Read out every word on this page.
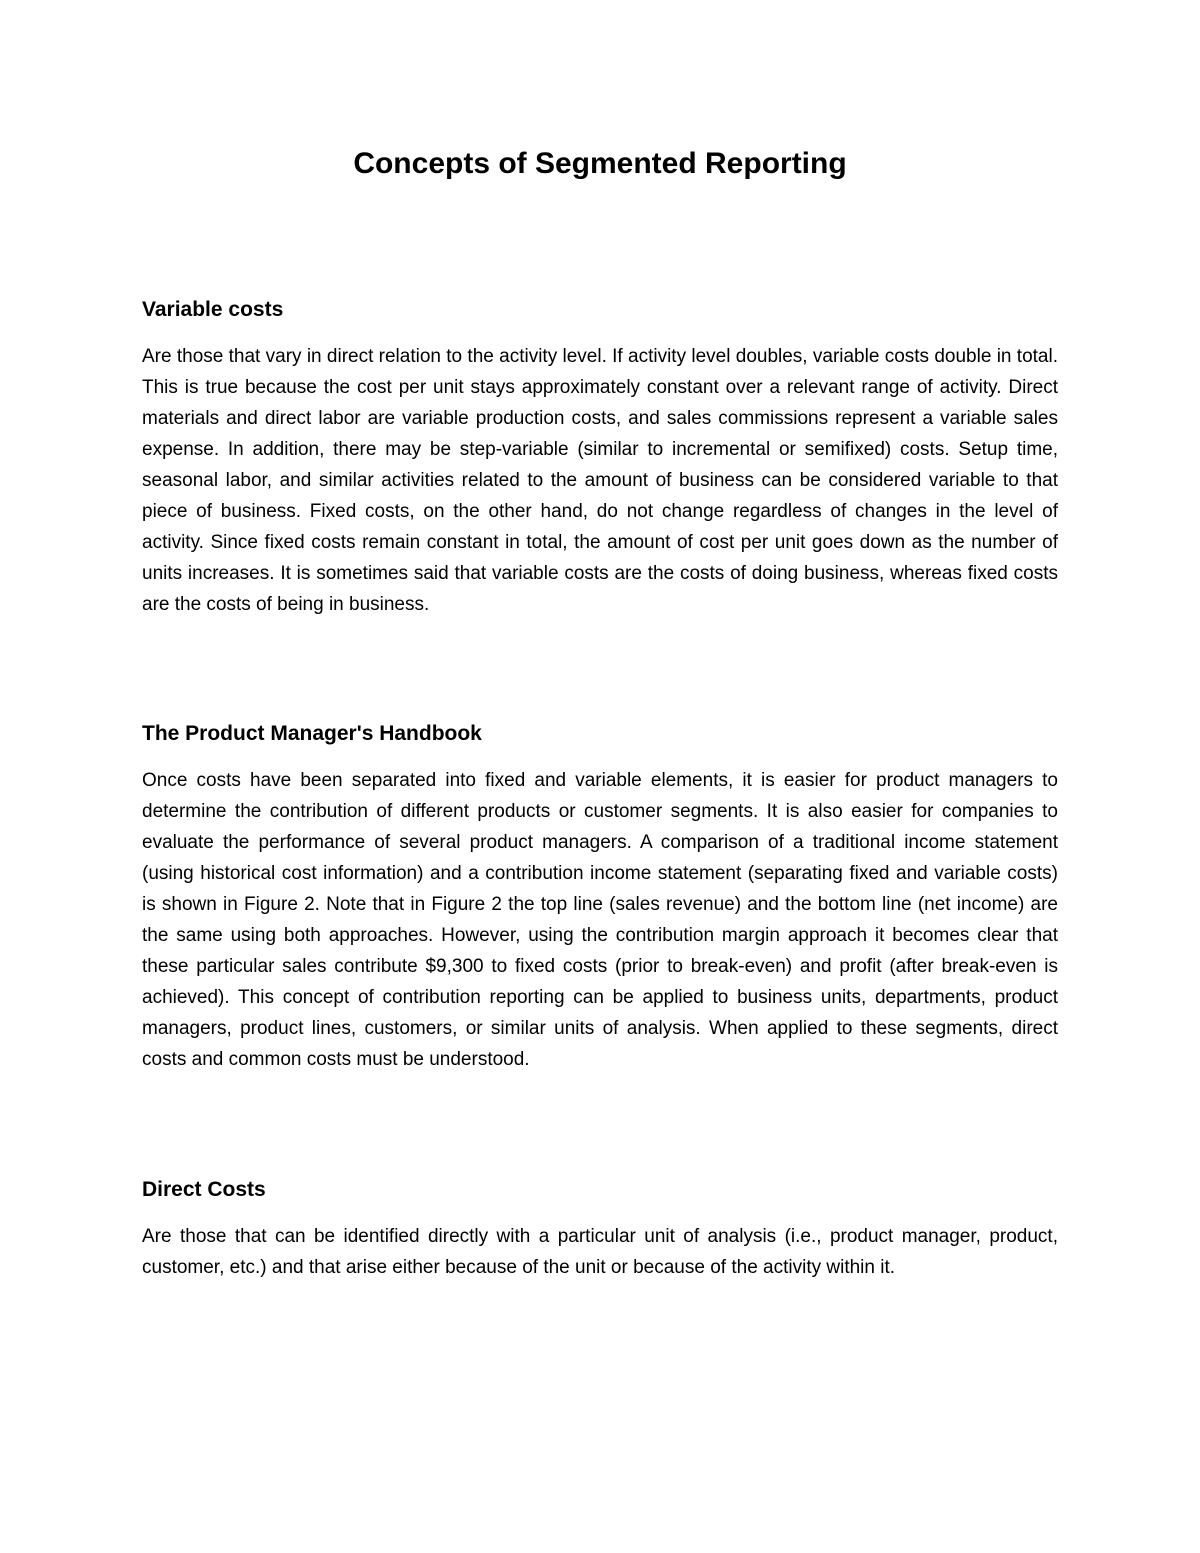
Concepts of Segmented Reporting
Variable costs

Are those that vary in direct relation to the activity level. If activity level doubles, variable costs double in total. This is true because the cost per unit stays approximately constant over a relevant range of activity. Direct materials and direct labor are variable production costs, and sales commissions represent a variable sales expense. In addition, there may be step-variable (similar to incremental or semifixed) costs. Setup time, seasonal labor, and similar activities related to the amount of business can be considered variable to that piece of business. Fixed costs, on the other hand, do not change regardless of changes in the level of activity. Since fixed costs remain constant in total, the amount of cost per unit goes down as the number of units increases. It is sometimes said that variable costs are the costs of doing business, whereas fixed costs are the costs of being in business.

The Product Manager's Handbook

Once costs have been separated into fixed and variable elements, it is easier for product managers to determine the contribution of different products or customer segments. It is also easier for companies to evaluate the performance of several product managers. A comparison of a traditional income statement (using historical cost information) and a contribution income statement (separating fixed and variable costs) is shown in Figure 2. Note that in Figure 2 the top line (sales revenue) and the bottom line (net income) are the same using both approaches. However, using the contribution margin approach it becomes clear that these particular sales contribute $9,300 to fixed costs (prior to break-even) and profit (after break-even is achieved). This concept of contribution reporting can be applied to business units, departments, product managers, product lines, customers, or similar units of analysis. When applied to these segments, direct costs and common costs must be understood.

Direct Costs

Are those that can be identified directly with a particular unit of analysis (i.e., product manager, product, customer, etc.) and that arise either because of the unit or because of the activity within it.
